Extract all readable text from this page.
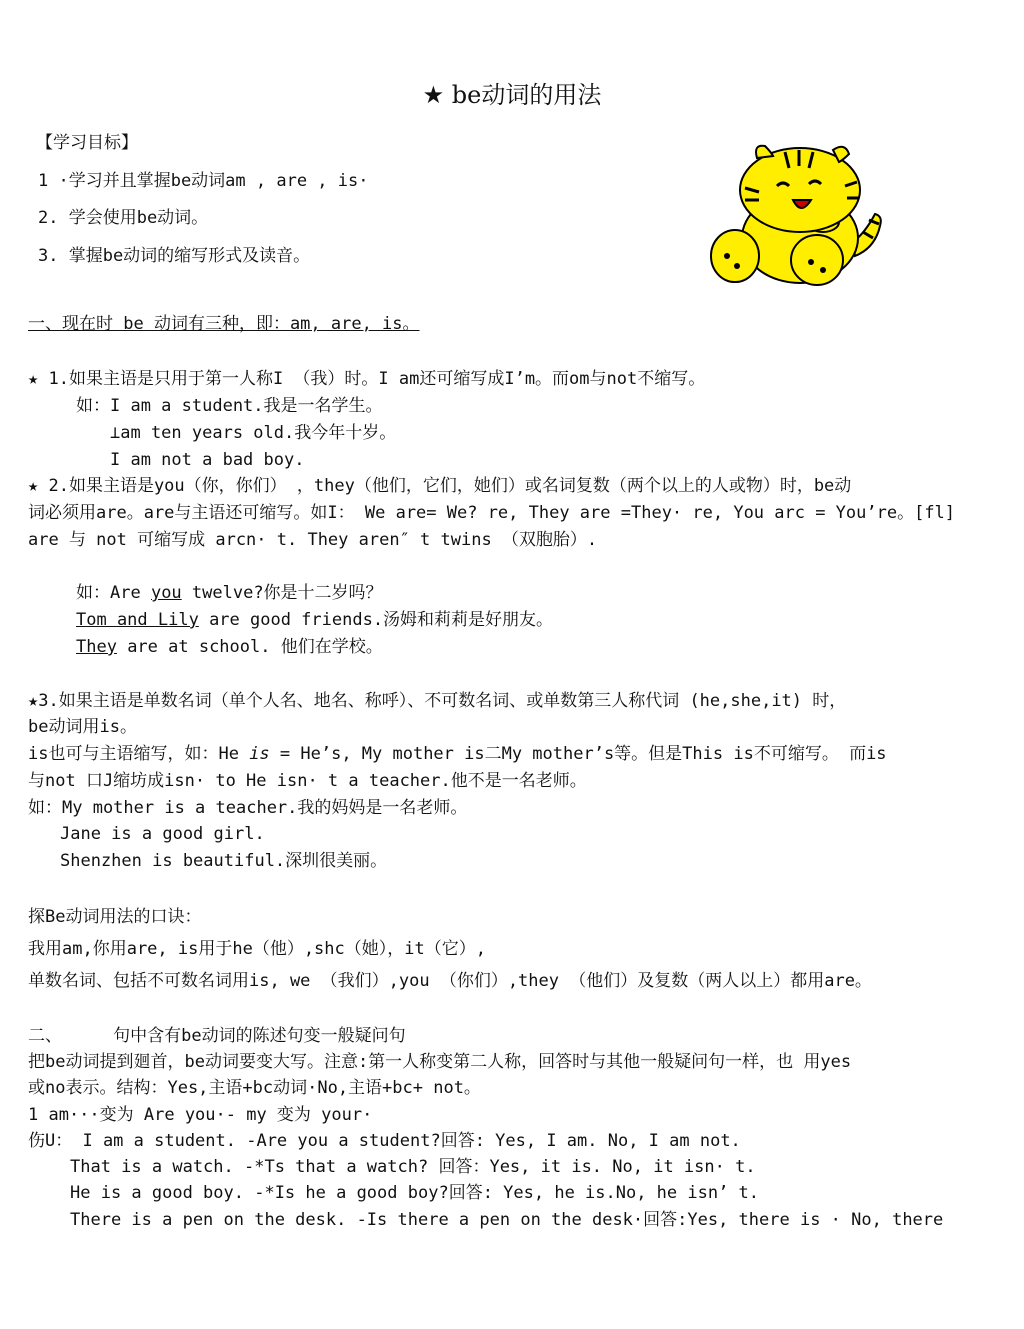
★ be动词的用法
【学习目标】
1 ·学习并且掌握be动词am , are , is·
2. 学会使用be动词。
3. 掌握be动词的缩写形式及读音。
一、现在时 be 动词有三种，即：am, are, is。
★ 1.如果主语是只用于第一人称I （我）时。I am还可缩写成I’m。而om与not不缩写。
如：I am a student.我是一名学生。
⊥am ten years old.我今年十岁。
I am not a bad boy.
★ 2.如果主语是you（你，你们） ，they（他们，它们，她们）或名词复数（两个以上的人或物）时，be动
词必须用are。are与主语还可缩写。如I： We are= We? re, They are =They· re, You arc = You’re。[fl]
are 与 not 可缩写成 arcn· t. They aren″ t twins （双胞胎）.
如：Are you twelve?你是十二岁吗？
Tom and Lily are good friends.汤姆和莉莉是好朋友。
They are at school. 他们在学校。
★3.如果主语是单数名词（单个人名、地名、称呼）、不可数名词、或单数第三人称代词 (he,she,it) 时，
be动词用is。
is也可与主语缩写，如：He is = He’s, My mother is二My mother’s等。但是This is不可缩写。 而is
与not 口J缩坊成isn· to He isn· t a teacher.他不是一名老师。
如：My mother is a teacher.我的妈妈是一名老师。
Jane is a good girl.
Shenzhen is beautiful.深圳很美丽。
探Be动词用法的口诀：
我用am,你用are, is用于he（他）,shc（她），it（它）,
单数名词、包括不可数名词用is, we （我们）,you （你们）,they （他们）及复数（两人以上）都用are。
二、     句中含有be动词的陈述句变一般疑问句
把be动词提到廻首，be动词要变大写。注意:第一人称变第二人称，回答时与其他一般疑问句一样，也 用yes
或no表示。结构：Yes,主语+bc动词·No,主语+bc+ not。
1 am···变为 Are you·- my 变为 your·
伤U： I am a student. -Are you a student?回答: Yes, I am. No, I am not.
That is a watch. -*Ts that a watch? 回答：Yes, it is. No, it isn· t.
He is a good boy. -*Is he a good boy?回答: Yes, he is.No, he isn’ t.
There is a pen on the desk. -Is there a pen on the desk·回答:Yes, there is · No, there
